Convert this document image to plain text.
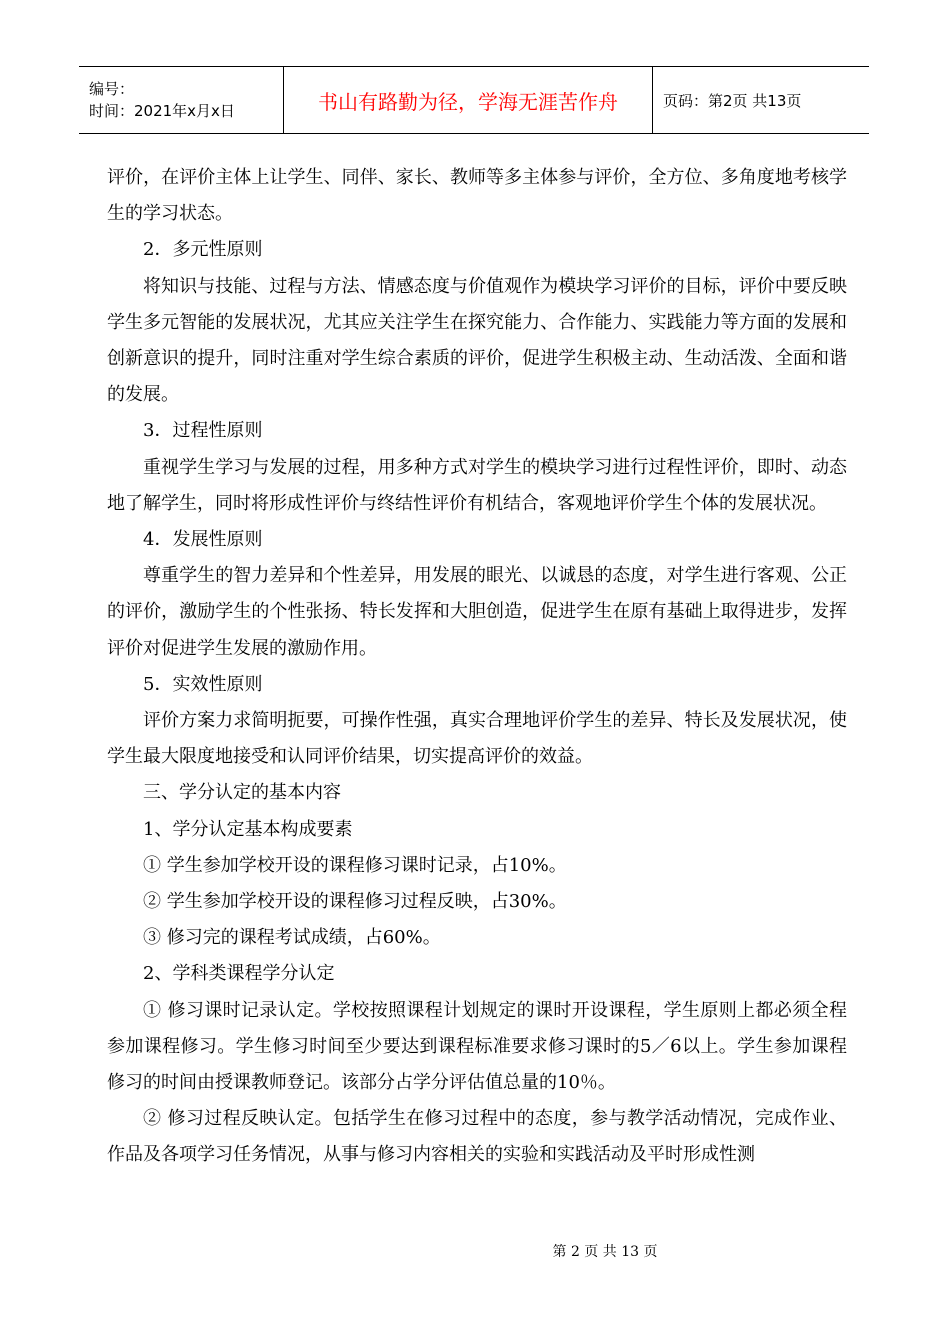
编号：
时间：2021年x月x日	书山有路勤为径，学海无涯苦作舟	页码：第2页 共13页

评价，在评价主体上让学生、同伴、家长、教师等多主体参与评价，全方位、多角度地考核学生的学习状态。

2．多元性原则

将知识与技能、过程与方法、情感态度与价值观作为模块学习评价的目标，评价中要反映学生多元智能的发展状况，尤其应关注学生在探究能力、合作能力、实践能力等方面的发展和创新意识的提升，同时注重对学生综合素质的评价，促进学生积极主动、生动活泼、全面和谐的发展。

3．过程性原则

重视学生学习与发展的过程，用多种方式对学生的模块学习进行过程性评价，即时、动态地了解学生，同时将形成性评价与终结性评价有机结合，客观地评价学生个体的发展状况。

4．发展性原则

尊重学生的智力差异和个性差异，用发展的眼光、以诚恳的态度，对学生进行客观、公正的评价，激励学生的个性张扬、特长发挥和大胆创造，促进学生在原有基础上取得进步，发挥评价对促进学生发展的激励作用。

5．实效性原则

评价方案力求简明扼要，可操作性强，真实合理地评价学生的差异、特长及发展状况，使学生最大限度地接受和认同评价结果，切实提高评价的效益。

三、学分认定的基本内容

1、学分认定基本构成要素

① 学生参加学校开设的课程修习课时记录，占10%。

② 学生参加学校开设的课程修习过程反映，占30%。

③ 修习完的课程考试成绩，占60%。

2、学科类课程学分认定

① 修习课时记录认定。学校按照课程计划规定的课时开设课程，学生原则上都必须全程参加课程修习。学生修习时间至少要达到课程标准要求修习课时的5／6以上。学生参加课程修习的时间由授课教师登记。该部分占学分评估值总量的10％。

② 修习过程反映认定。包括学生在修习过程中的态度，参与教学活动情况，完成作业、作品及各项学习任务情况，从事与修习内容相关的实验和实践活动及平时形成性测

第 2 页 共 13 页
